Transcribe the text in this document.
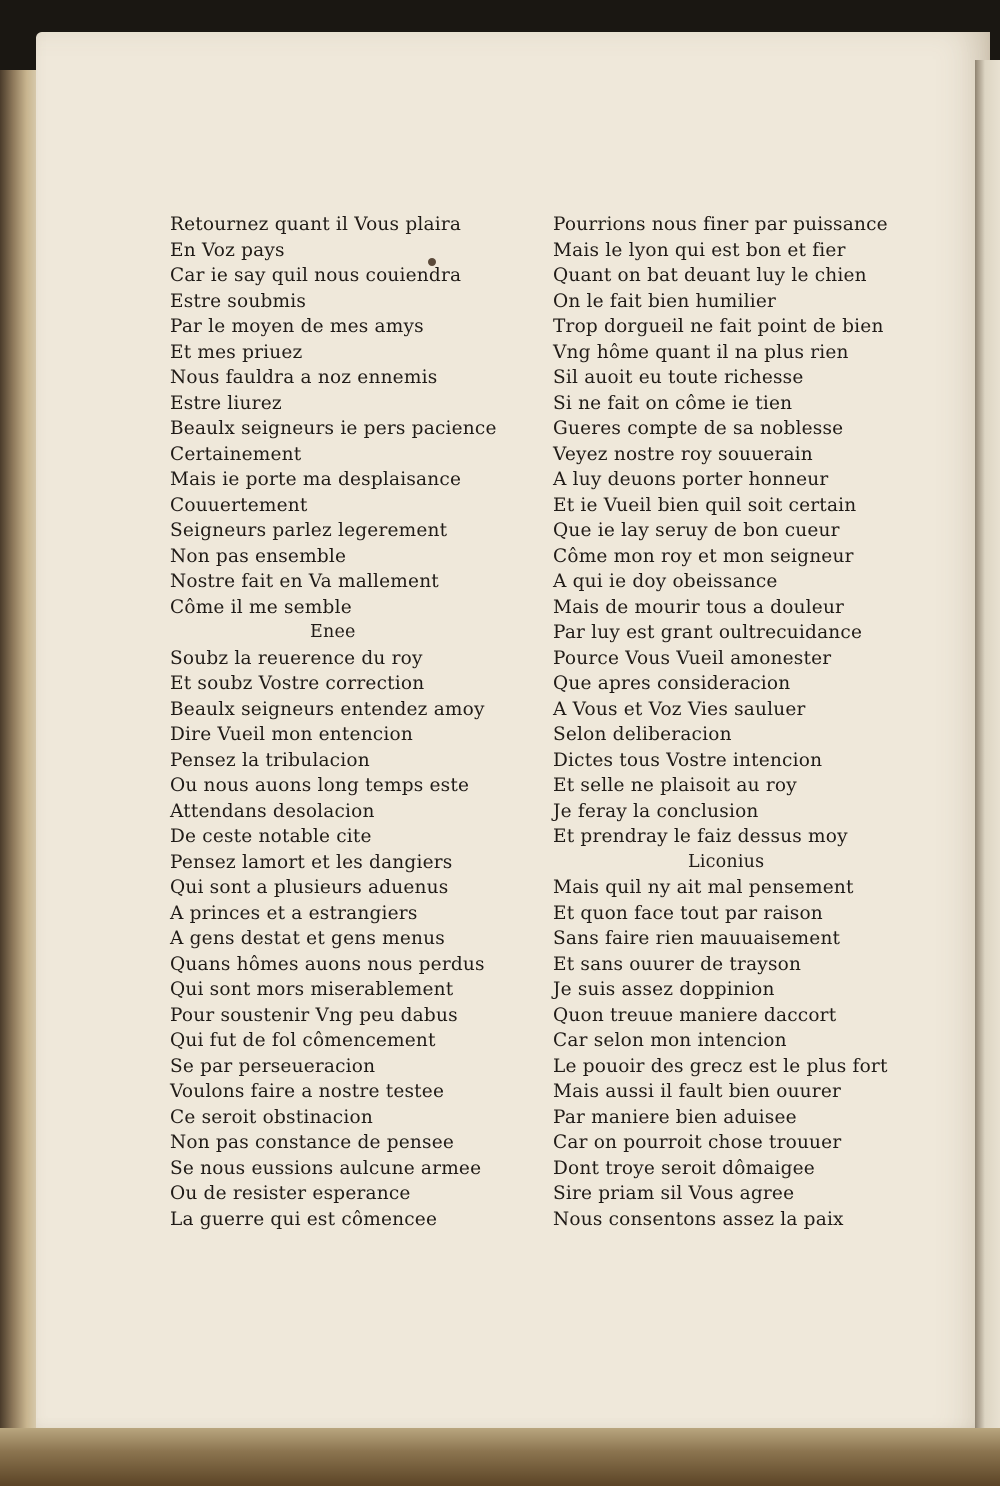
Retournez quant il Vous plaira
En Voz pays
Car ie say quil nous couiendra
Estre soubmis
Par le moyen de mes amys
Et mes priuez
Nous fauldra a noz ennemis
Estre liurez
Beaulx seigneurs ie pers pacience
Certainement
Mais ie porte ma desplaisance
Couuertement
Seigneurs parlez legerement
Non pas ensemble
Nostre fait en Va mallement
Côme il me semble
Enee
Soubz la reuerence du roy
Et soubz Vostre correction
Beaulx seigneurs entendez amoy
Dire Vueil mon entencion
Pensez la tribulacion
Ou nous auons long temps este
Attendans desolacion
De ceste notable cite
Pensez lamort et les dangiers
Qui sont a plusieurs aduenus
A princes et a estrangiers
A gens destat et gens menus
Quans hômes auons nous perdus
Qui sont mors miserablement
Pour soustenir Vng peu dabus
Qui fut de fol cômencement
Se par perseueracion
Voulons faire a nostre testee
Ce seroit obstinacion
Non pas constance de pensee
Se nous eussions aulcune armee
Ou de resister esperance
La guerre qui est cômencee
Pourrions nous finer par puissance
Mais le lyon qui est bon et fier
Quant on bat deuant luy le chien
On le fait bien humilier
Trop dorgueil ne fait point de bien
Vng hôme quant il na plus rien
Sil auoit eu toute richesse
Si ne fait on côme ie tien
Gueres compte de sa noblesse
Veyez nostre roy souuerain
A luy deuons porter honneur
Et ie Vueil bien quil soit certain
Que ie lay seruy de bon cueur
Côme mon roy et mon seigneur
A qui ie doy obeissance
Mais de mourir tous a douleur
Par luy est grant oultrecuidance
Pource Vous Vueil amonester
Que apres consideracion
A Vous et Voz Vies sauluer
Selon deliberacion
Dictes tous Vostre intencion
Et selle ne plaisoit au roy
Je feray la conclusion
Et prendray le faiz dessus moy
Liconius
Mais quil ny ait mal pensement
Et quon face tout par raison
Sans faire rien mauuaisement
Et sans ouurer de trayson
Je suis assez doppinion
Quon treuue maniere daccort
Car selon mon intencion
Le pouoir des grecz est le plus fort
Mais aussi il fault bien ouurer
Par maniere bien aduisee
Car on pourroit chose trouuer
Dont troye seroit dômaigee
Sire priam sil Vous agree
Nous consentons assez la paix
